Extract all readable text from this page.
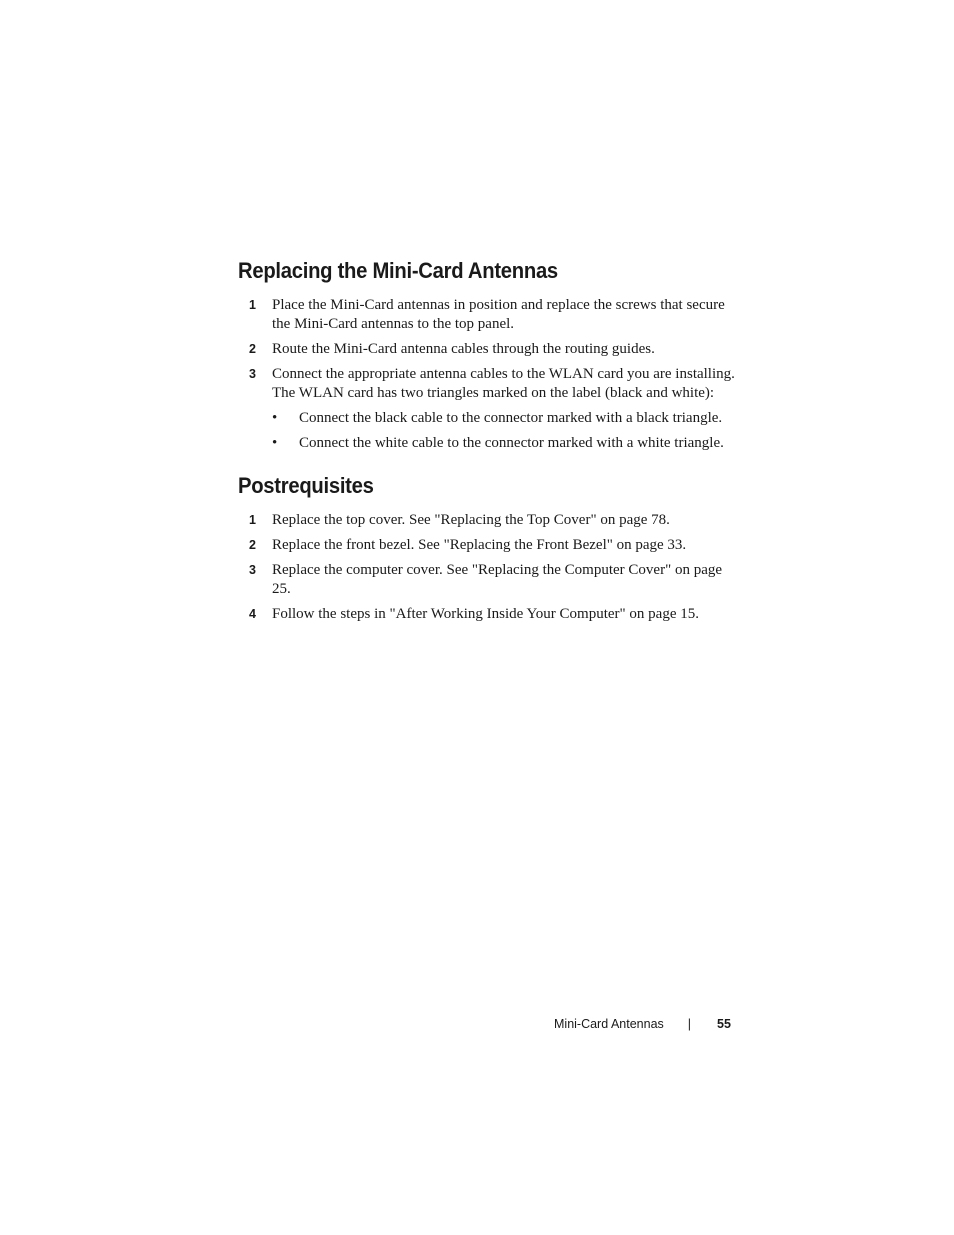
Replacing the Mini-Card Antennas
1 Place the Mini-Card antennas in position and replace the screws that secure the Mini-Card antennas to the top panel.
2 Route the Mini-Card antenna cables through the routing guides.
3 Connect the appropriate antenna cables to the WLAN card you are installing. The WLAN card has two triangles marked on the label (black and white):
• Connect the black cable to the connector marked with a black triangle.
• Connect the white cable to the connector marked with a white triangle.
Postrequisites
1 Replace the top cover. See "Replacing the Top Cover" on page 78.
2 Replace the front bezel. See "Replacing the Front Bezel" on page 33.
3 Replace the computer cover. See "Replacing the Computer Cover" on page 25.
4 Follow the steps in "After Working Inside Your Computer" on page 15.
Mini-Card Antennas | 55
